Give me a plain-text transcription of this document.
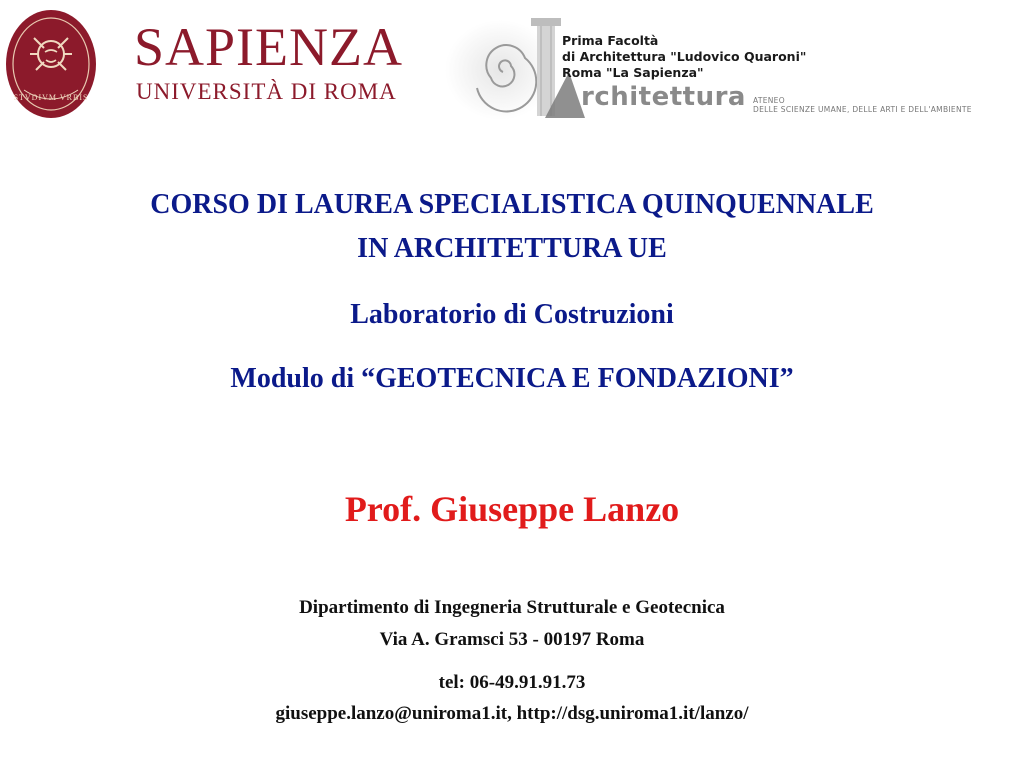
STVDIVM VRBIS
SAPIENZA
UNIVERSITÀ DI ROMA
Prima Facoltà
di Architettura "Ludovico Quaroni"
Roma "La Sapienza"
rchitettura ATENEO
DELLE SCIENZE UMANE, DELLE ARTI E DELL'AMBIENTE
CORSO DI LAUREA SPECIALISTICA QUINQUENNALE
IN ARCHITETTURA UE
Laboratorio di Costruzioni
Modulo di “GEOTECNICA E FONDAZIONI”
Prof. Giuseppe Lanzo
Dipartimento di Ingegneria Strutturale e Geotecnica
Via A. Gramsci 53 - 00197 Roma
tel: 06-49.91.91.73
giuseppe.lanzo@uniroma1.it, http://dsg.uniroma1.it/lanzo/
